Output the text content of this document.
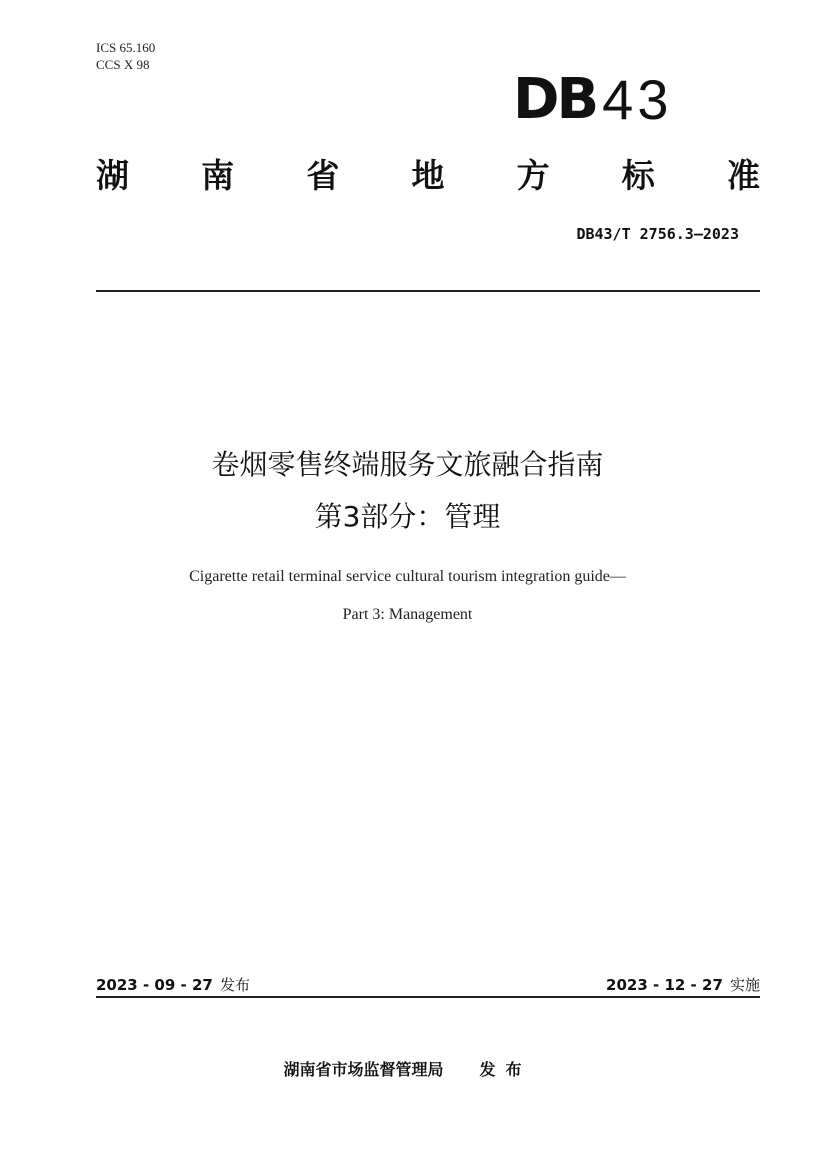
ICS 65.160
CCS X 98
DB 43
湖 南 省 地 方 标 准
DB43/T 2756.3—2023
卷烟零售终端服务文旅融合指南
第3部分：管理
Cigarette retail terminal service cultural tourism integration guide—
Part 3: Management
2023 - 09 - 27 发布	2023 - 12 - 27 实施
湖南省市场监督管理局 发布
